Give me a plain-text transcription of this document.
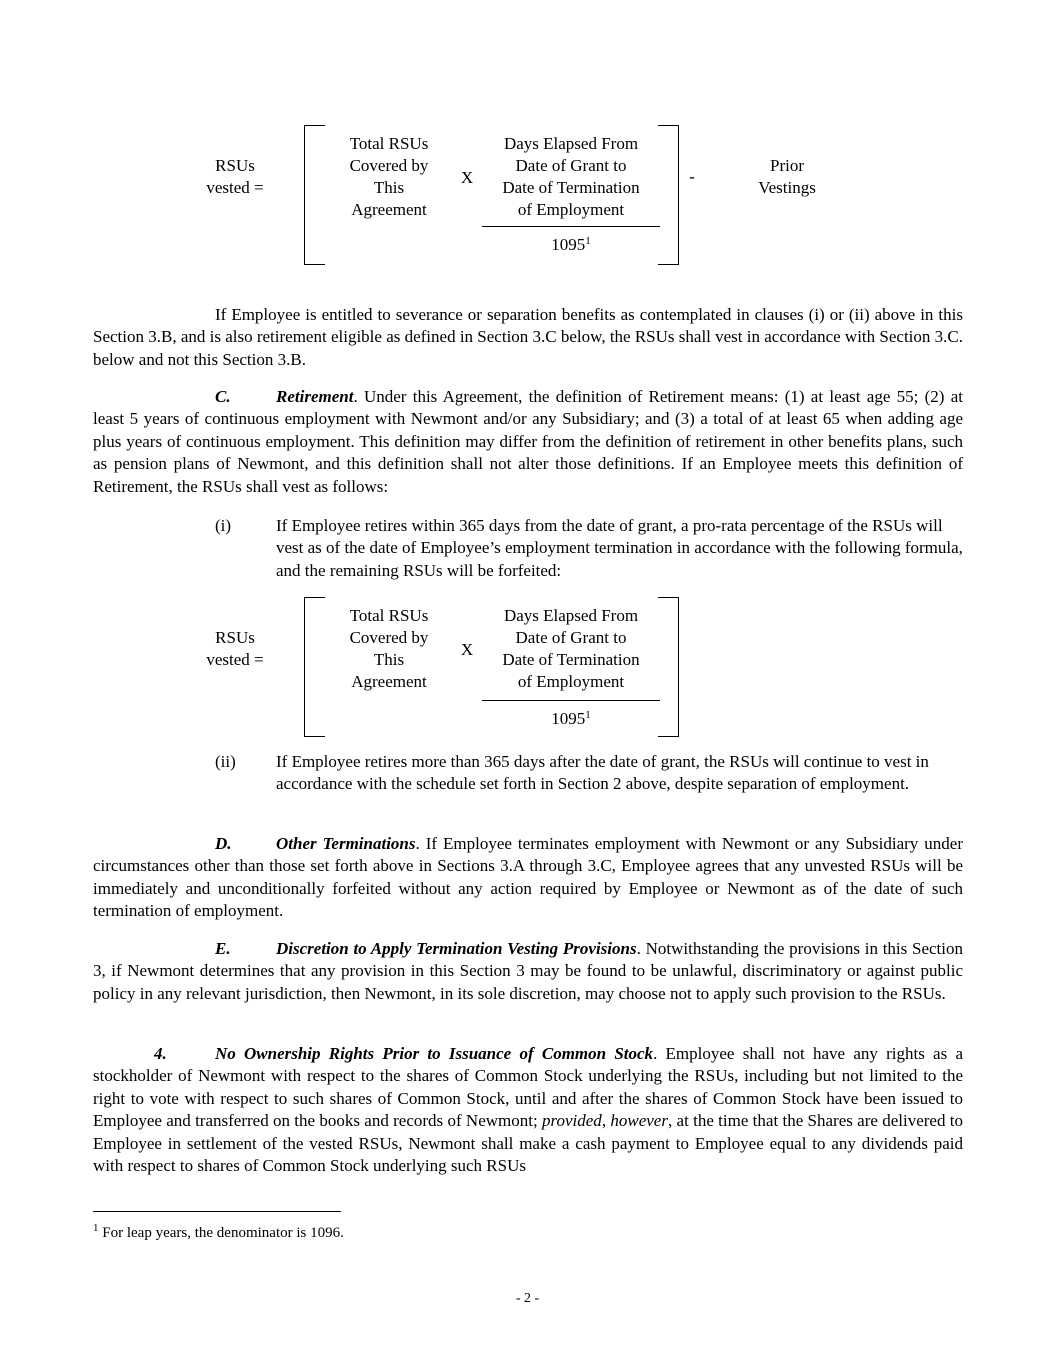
RSUs
vested =
Total RSUs
Covered by
This
Agreement
X
Days Elapsed From
Date of Grant to
Date of Termination
of Employment
1095$^1$
-
Prior
Vestings

If Employee is entitled to severance or separation benefits as contemplated in clauses (i) or (ii) above in this Section 3.B, and is also retirement eligible as defined in Section 3.C below, the RSUs shall vest in accordance with Section 3.C. below and not this Section 3.B.

C.	Retirement. Under this Agreement, the definition of Retirement means: (1) at least age 55; (2) at least 5 years of continuous employment with Newmont and/or any Subsidiary; and (3) a total of at least 65 when adding age plus years of continuous employment. This definition may differ from the definition of retirement in other benefits plans, such as pension plans of Newmont, and this definition shall not alter those definitions. If an Employee meets this definition of Retirement, the RSUs shall vest as follows:

(i)	If Employee retires within 365 days from the date of grant, a pro-rata percentage of the RSUs will vest as of the date of Employee’s employment termination in accordance with the following formula, and the remaining RSUs will be forfeited:

RSUs
vested =
Total RSUs
Covered by
This
Agreement
X
Days Elapsed From
Date of Grant to
Date of Termination
of Employment
1095$^1$
(ii) If Employee retires more than 365 days after the date of grant, the RSUs will continue to vest in accordance with the schedule set forth in Section 2 above, despite separation of employment.

D.	Other Terminations. If Employee terminates employment with Newmont or any Subsidiary under circumstances other than those set forth above in Sections 3.A through 3.C, Employee agrees that any unvested RSUs will be immediately and unconditionally forfeited without any action required by Employee or Newmont as of the date of such termination of employment.

E.	Discretion to Apply Termination Vesting Provisions. Notwithstanding the provisions in this Section 3, if Newmont determines that any provision in this Section 3 may be found to be unlawful, discriminatory or against public policy in any relevant jurisdiction, then Newmont, in its sole discretion, may choose not to apply such provision to the RSUs.

4.	No Ownership Rights Prior to Issuance of Common Stock. Employee shall not have any rights as a stockholder of Newmont with respect to the shares of Common Stock underlying the RSUs, including but not limited to the right to vote with respect to such shares of Common Stock, until and after the shares of Common Stock have been issued to Employee and transferred on the books and records of Newmont; provided, however, at the time that the Shares are delivered to Employee in settlement of the vested RSUs, Newmont shall make a cash payment to Employee equal to any dividends paid with respect to shares of Common Stock underlying such RSUs

$^1$ For leap years, the denominator is 1096.

- 2 -
